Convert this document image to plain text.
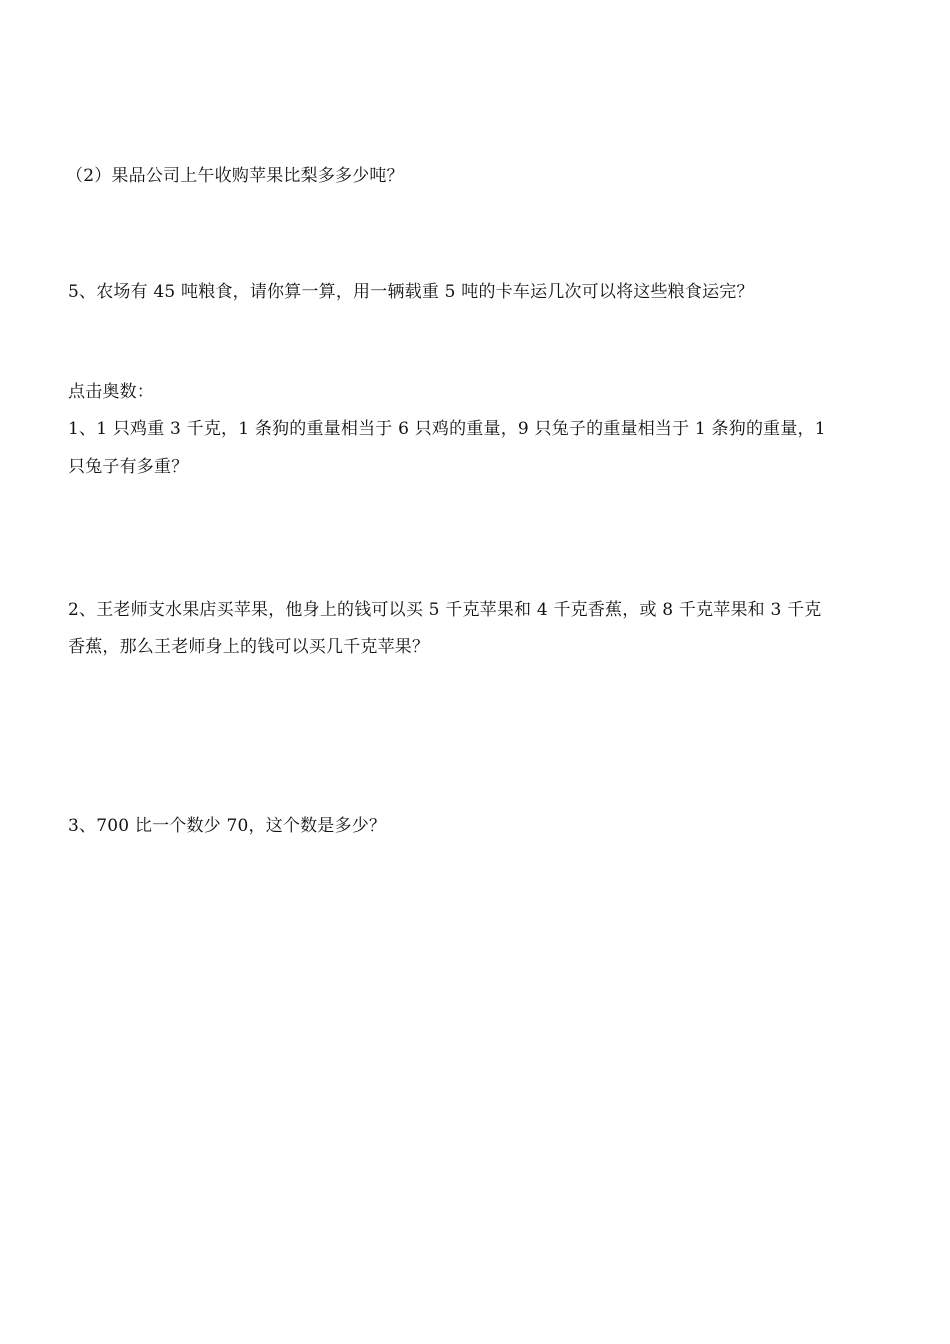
（2）果品公司上午收购苹果比梨多多少吨？
5、农场有 45 吨粮食，请你算一算，用一辆载重 5 吨的卡车运几次可以将这些粮食运完？
点击奥数：
1、1 只鸡重 3 千克，1 条狗的重量相当于 6 只鸡的重量，9 只兔子的重量相当于 1 条狗的重量，1
只兔子有多重？
2、王老师支水果店买苹果，他身上的钱可以买 5 千克苹果和 4 千克香蕉，或 8 千克苹果和 3 千克
香蕉，那么王老师身上的钱可以买几千克苹果？
3、700 比一个数少 70，这个数是多少？
